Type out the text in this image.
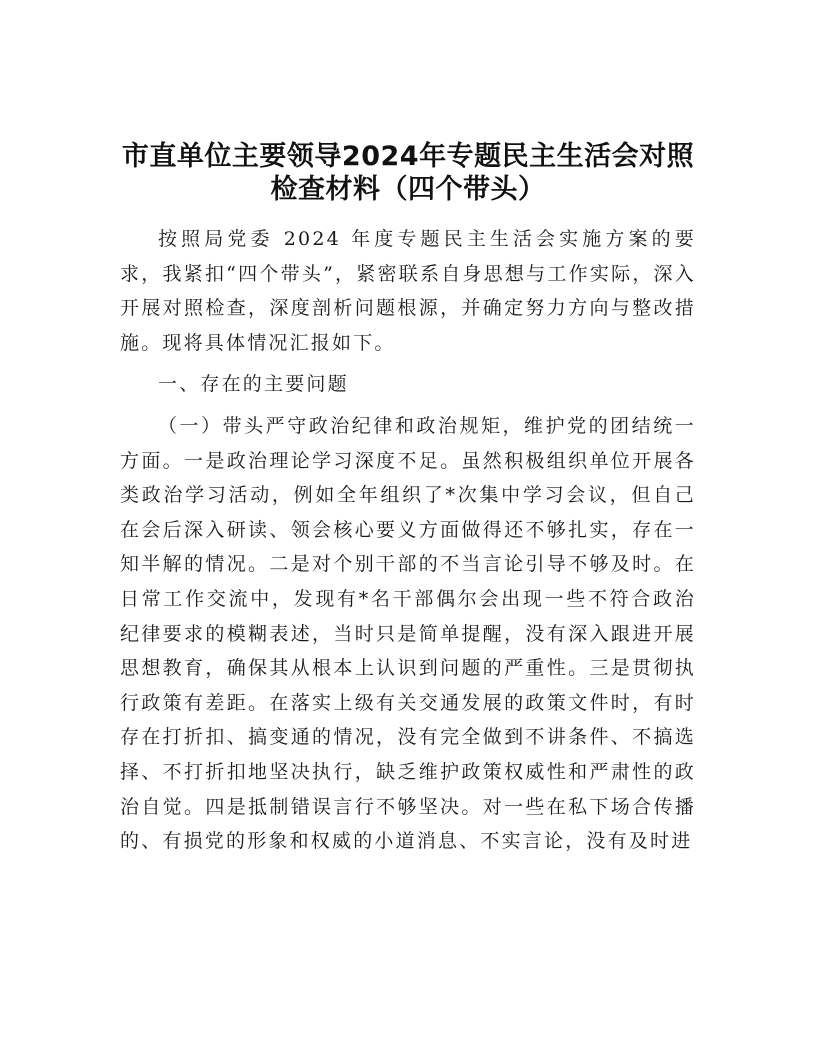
市直单位主要领导2024年专题民主生活会对照
检查材料（四个带头）

按照局党委 2024 年度专题民主生活会实施方案的要求，我紧扣“四个带头”，紧密联系自身思想与工作实际，深入开展对照检查，深度剖析问题根源，并确定努力方向与整改措施。现将具体情况汇报如下。

一、存在的主要问题

（一）带头严守政治纪律和政治规矩，维护党的团结统一方面。一是政治理论学习深度不足。虽然积极组织单位开展各类政治学习活动，例如全年组织了*次集中学习会议，但自己在会后深入研读、领会核心要义方面做得还不够扎实，存在一知半解的情况。二是对个别干部的不当言论引导不够及时。在日常工作交流中，发现有*名干部偶尔会出现一些不符合政治纪律要求的模糊表述，当时只是简单提醒，没有深入跟进开展思想教育，确保其从根本上认识到问题的严重性。三是贯彻执行政策有差距。在落实上级有关交通发展的政策文件时，有时存在打折扣、搞变通的情况，没有完全做到不讲条件、不搞选择、不打折扣地坚决执行，缺乏维护政策权威性和严肃性的政治自觉。四是抵制错误言行不够坚决。对一些在私下场合传播的、有损党的形象和权威的小道消息、不实言论，没有及时进
